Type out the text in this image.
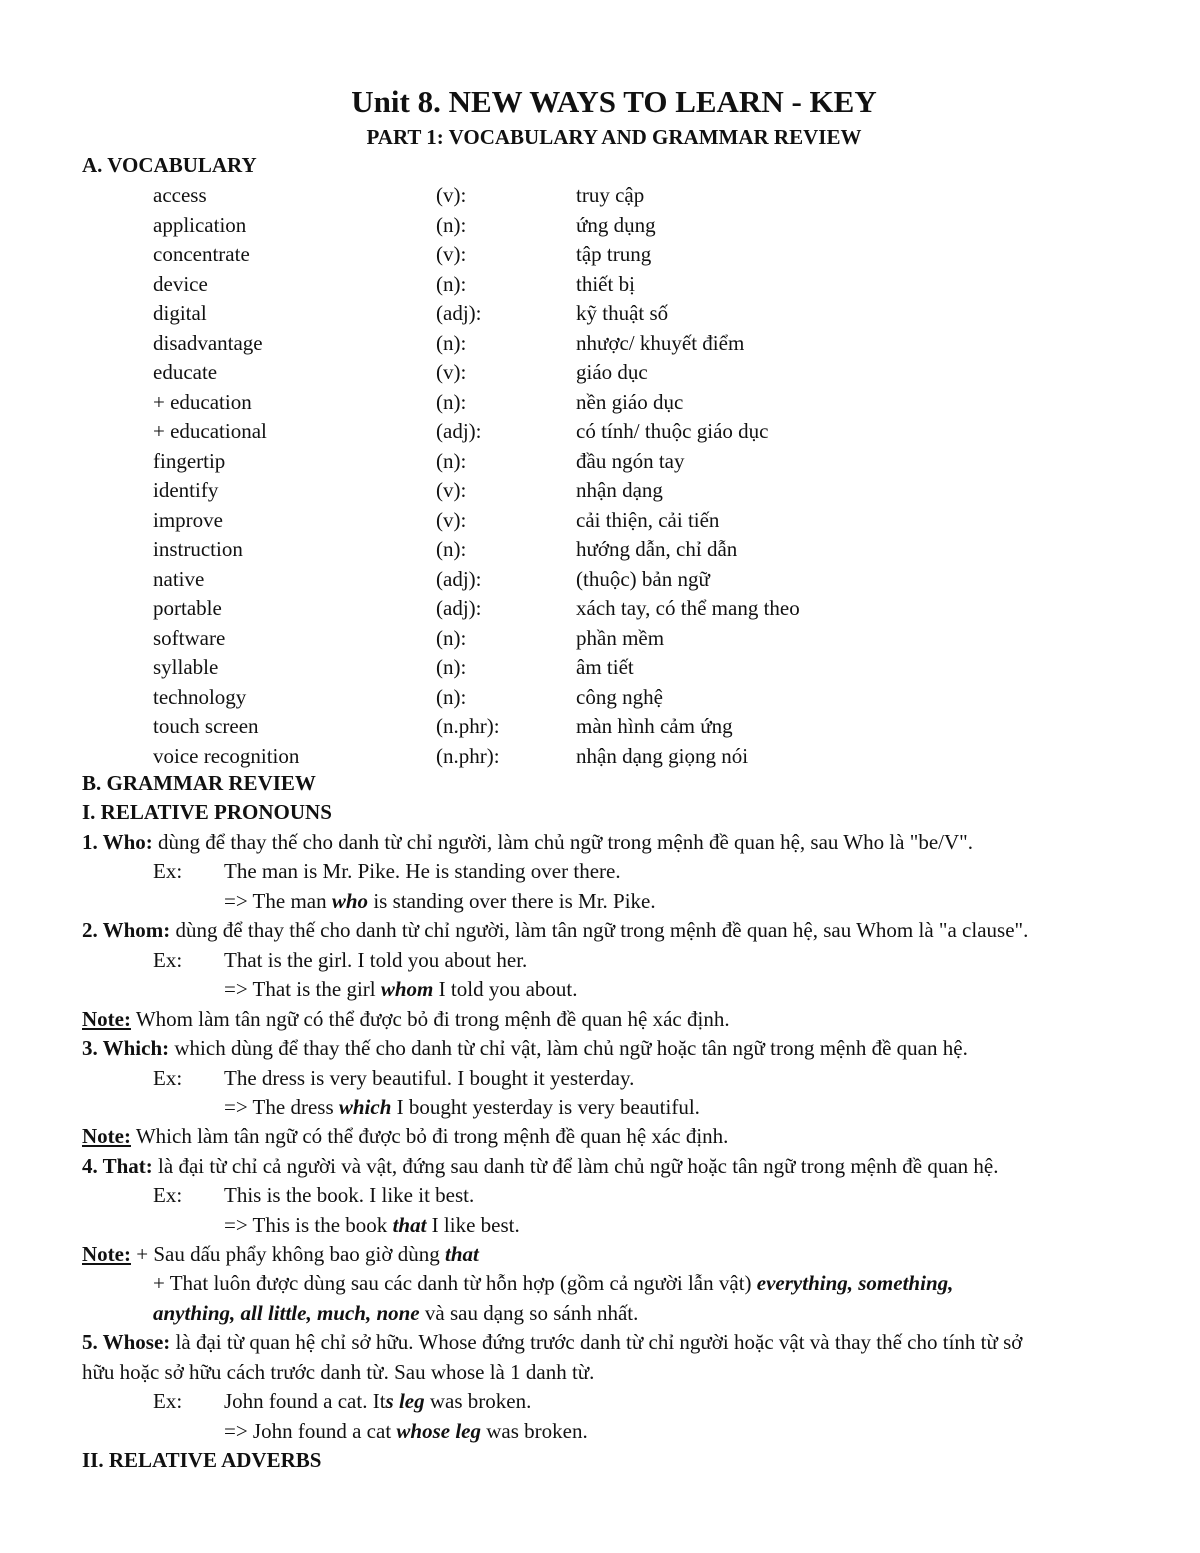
Unit 8. NEW WAYS TO LEARN - KEY
PART 1: VOCABULARY AND GRAMMAR REVIEW
A. VOCABULARY
access	(v):	truy cập
application	(n):	ứng dụng
concentrate	(v):	tập trung
device	(n):	thiết bị
digital	(adj):	kỹ thuật số
disadvantage	(n):	nhược/ khuyết điểm
educate	(v):	giáo dục
+ education	(n):	nền giáo dục
+ educational	(adj):	có tính/ thuộc giáo dục
fingertip	(n):	đầu ngón tay
identify	(v):	nhận dạng
improve	(v):	cải thiện, cải tiến
instruction	(n):	hướng dẫn, chỉ dẫn
native	(adj):	(thuộc) bản ngữ
portable	(adj):	xách tay, có thể mang theo
software	(n):	phần mềm
syllable	(n):	âm tiết
technology	(n):	công nghệ
touch screen	(n.phr):	màn hình cảm ứng
voice recognition	(n.phr):	nhận dạng giọng nói
B. GRAMMAR REVIEW
I. RELATIVE PRONOUNS
1. Who: dùng để thay thế cho danh từ chỉ người, làm chủ ngữ trong mệnh đề quan hệ, sau Who là "be/V".
Ex: The man is Mr. Pike. He is standing over there.
=> The man who is standing over there is Mr. Pike.
2. Whom: dùng để thay thế cho danh từ chỉ người, làm tân ngữ trong mệnh đề quan hệ, sau Whom là "a clause".
Ex: That is the girl. I told you about her.
=> That is the girl whom I told you about.
Note: Whom làm tân ngữ có thể được bỏ đi trong mệnh đề quan hệ xác định.
3. Which: which dùng để thay thế cho danh từ chỉ vật, làm chủ ngữ hoặc tân ngữ trong mệnh đề quan hệ.
Ex: The dress is very beautiful. I bought it yesterday.
=> The dress which I bought yesterday is very beautiful.
Note: Which làm tân ngữ có thể được bỏ đi trong mệnh đề quan hệ xác định.
4. That: là đại từ chỉ cả người và vật, đứng sau danh từ để làm chủ ngữ hoặc tân ngữ trong mệnh đề quan hệ.
Ex: This is the book. I like it best.
=> This is the book that I like best.
Note: + Sau dấu phẩy không bao giờ dùng that
+ That luôn được dùng sau các danh từ hỗn hợp (gồm cả người lẫn vật) everything, something,
anything, all little, much, none và sau dạng so sánh nhất.
5. Whose: là đại từ quan hệ chỉ sở hữu. Whose đứng trước danh từ chỉ người hoặc vật và thay thế cho tính từ sở
hữu hoặc sở hữu cách trước danh từ. Sau whose là 1 danh từ.
Ex: John found a cat. Its leg was broken.
=> John found a cat whose leg was broken.
II. RELATIVE ADVERBS
